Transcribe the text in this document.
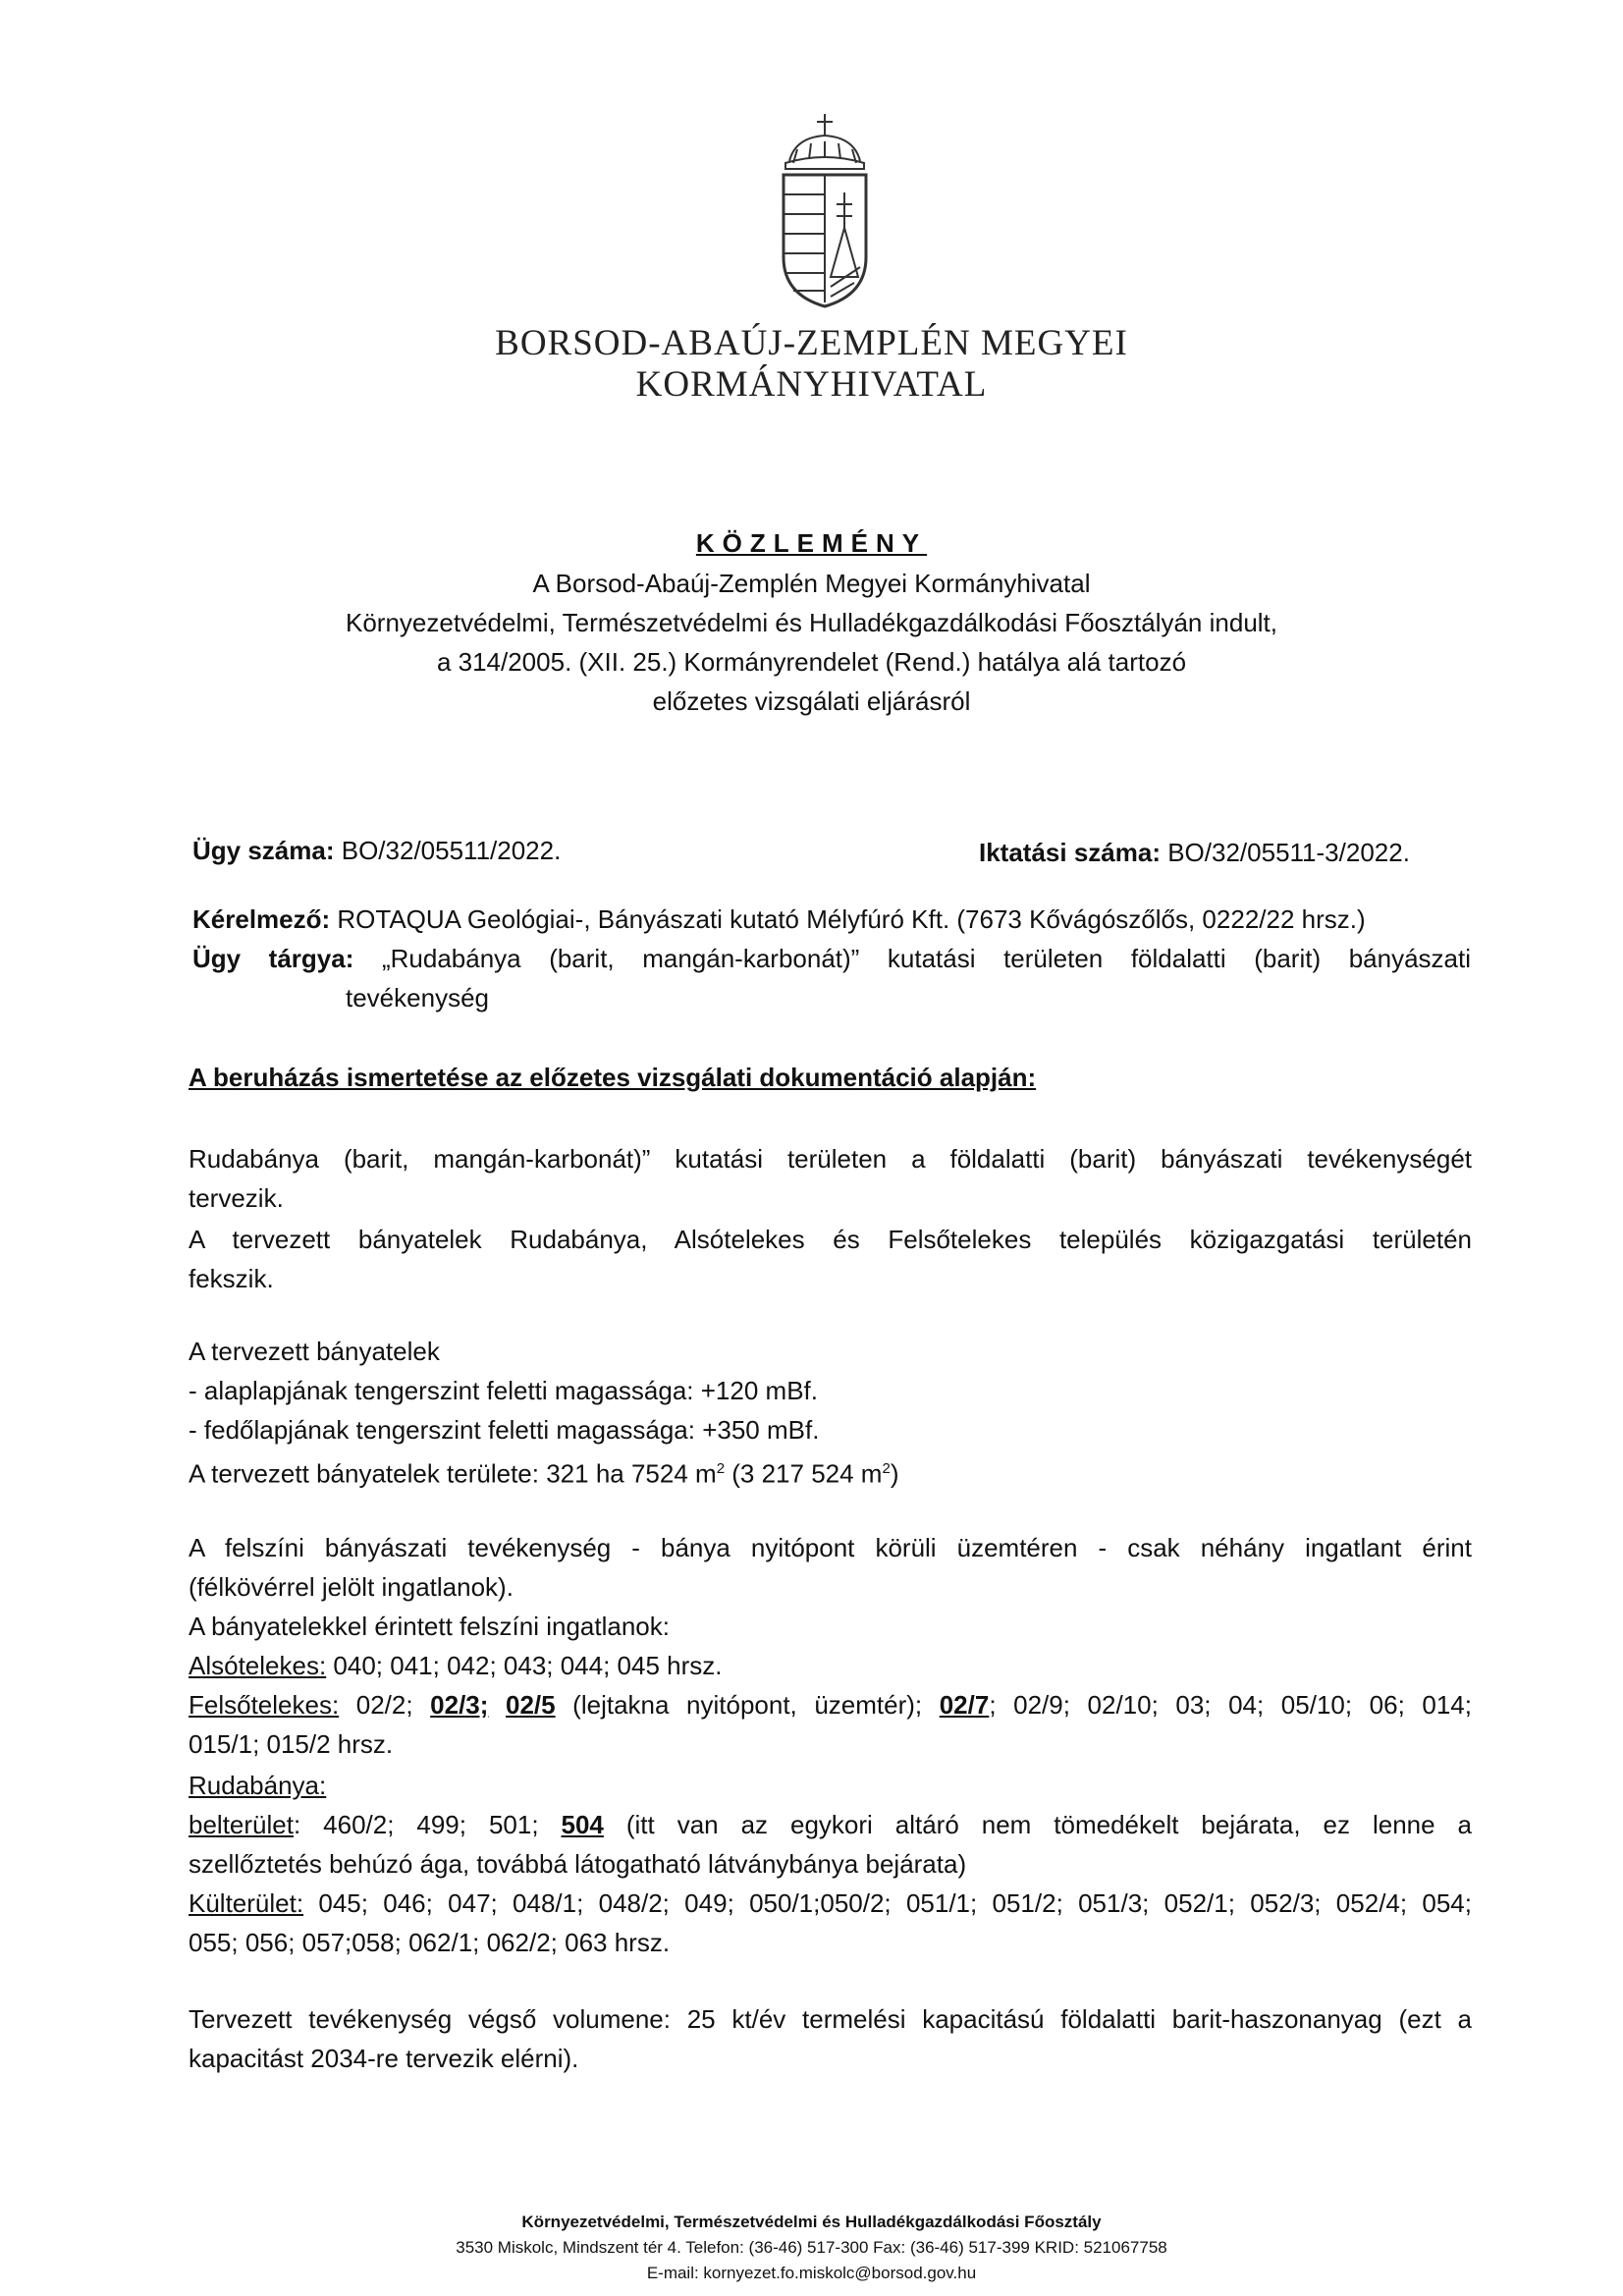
BORSOD-ABAÚJ-ZEMPLÉN MEGYEI
KORMÁNYHIVATAL
KÖZLEMÉNY
A Borsod-Abaúj-Zemplén Megyei Kormányhivatal
Környezetvédelmi, Természetvédelmi és Hulladékgazdálkodási Főosztályán indult,
a 314/2005. (XII. 25.) Kormányrendelet (Rend.) hatálya alá tartozó
előzetes vizsgálati eljárásról
Ügy száma: BO/32/05511/2022.	Iktatási száma: BO/32/05511-3/2022.
Kérelmező: ROTAQUA Geológiai-, Bányászati kutató Mélyfúró Kft. (7673 Kővágószőlős, 0222/22 hrsz.)
Ügy tárgya: „Rudabánya (barit, mangán-karbonát)” kutatási területen földalatti (barit) bányászati
tevékenység
A beruházás ismertetése az előzetes vizsgálati dokumentáció alapján:
Rudabánya (barit, mangán-karbonát)” kutatási területen a földalatti (barit) bányászati tevékenységét
tervezik.
A tervezett bányatelek Rudabánya, Alsótelekes és Felsőtelekes település közigazgatási területén
fekszik.
A tervezett bányatelek
- alaplapjának tengerszint feletti magassága: +120 mBf.
- fedőlapjának tengerszint feletti magassága: +350 mBf.
A tervezett bányatelek területe: 321 ha 7524 $m^2$ (3 217 524 $m^2$)
A felszíni bányászati tevékenység - bánya nyitópont körüli üzemtéren - csak néhány ingatlant érint
(félkövérrel jelölt ingatlanok).
A bányatelekkel érintett felszíni ingatlanok:
Alsótelekes: 040; 041; 042; 043; 044; 045 hrsz.
Felsőtelekes: 02/2; 02/3; 02/5 (lejtakna nyitópont, üzemtér); 02/7; 02/9; 02/10; 03; 04; 05/10; 06; 014;
015/1; 015/2 hrsz.
Rudabánya:
belterület: 460/2; 499; 501; 504 (itt van az egykori altáró nem tömedékelt bejárata, ez lenne a
szellőztetés behúzó ága, továbbá látogatható látványbánya bejárata)
Külterület: 045; 046; 047; 048/1; 048/2; 049; 050/1;050/2; 051/1; 051/2; 051/3; 052/1; 052/3; 052/4; 054;
055; 056; 057;058; 062/1; 062/2; 063 hrsz.
Tervezett tevékenység végső volumene: 25 kt/év termelési kapacitású földalatti barit-haszonanyag (ezt a
kapacitást 2034-re tervezik elérni).
Környezetvédelmi, Természetvédelmi és Hulladékgazdálkodási Főosztály
3530 Miskolc, Mindszent tér 4. Telefon: (36-46) 517-300 Fax: (36-46) 517-399 KRID: 521067758
E-mail: kornyezet.fo.miskolc@borsod.gov.hu
